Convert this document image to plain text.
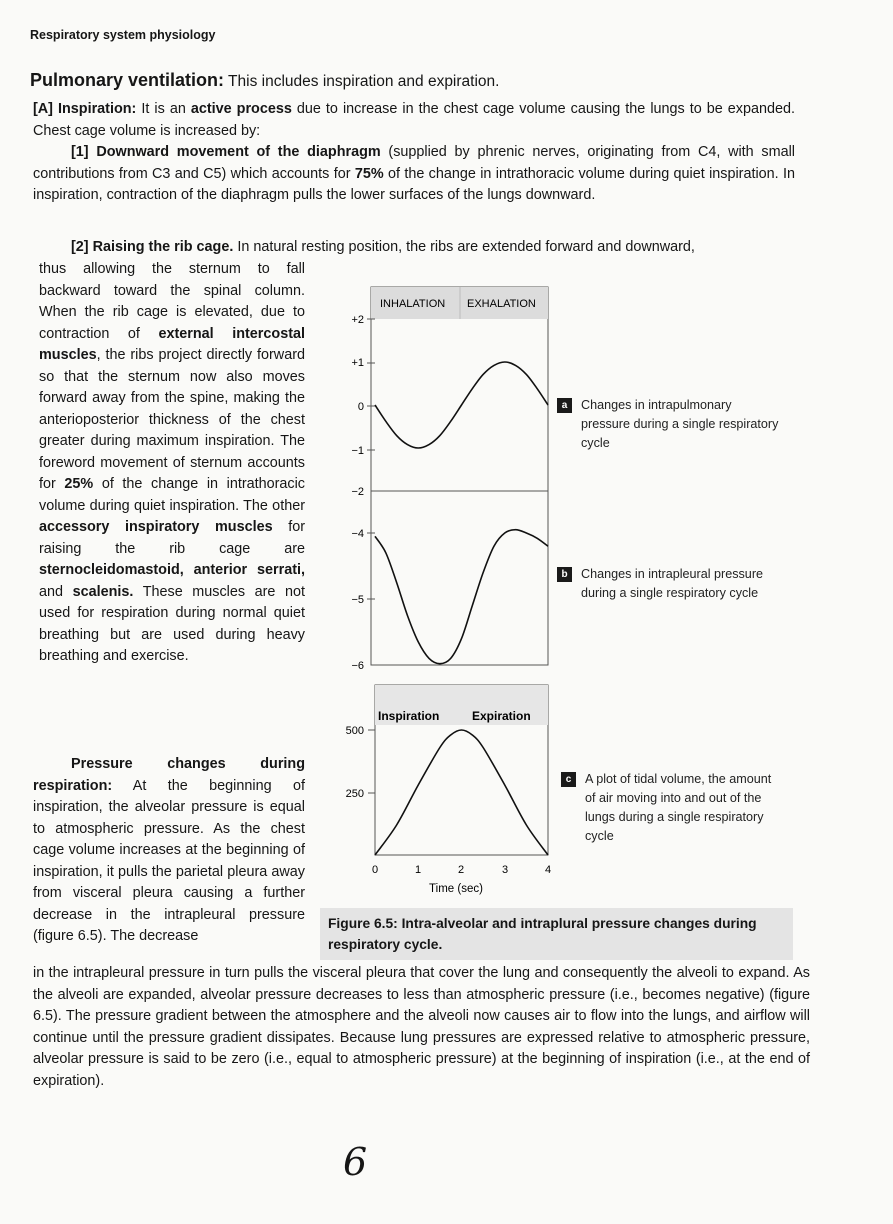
Respiratory system physiology
Pulmonary ventilation: This includes inspiration and expiration.
[A] Inspiration: It is an active process due to increase in the chest cage volume causing the lungs to be expanded. Chest cage volume is increased by:
[1] Downward movement of the diaphragm (supplied by phrenic nerves, originating from C4, with small contributions from C3 and C5) which accounts for 75% of the change in intrathoracic volume during quiet inspiration. In inspiration, contraction of the diaphragm pulls the lower surfaces of the lungs downward.
[2] Raising the rib cage. In natural resting position, the ribs are extended forward and downward,
thus allowing the sternum to fall backward toward the spinal column. When the rib cage is elevated, due to contraction of external intercostal muscles, the ribs project directly forward so that the sternum now also moves forward away from the spine, making the anterioposterior thickness of the chest greater during maximum inspiration. The foreword movement of sternum accounts for 25% of the change in intrathoracic volume during quiet inspiration. The other accessory inspiratory muscles for raising the rib cage are sternocleidomastoid, anterior serrati, and scalenis. These muscles are not used for respiration during normal quiet breathing but are used during heavy breathing and exercise.
Pressure changes during respiration: At the beginning of inspiration, the alveolar pressure is equal to atmospheric pressure. As the chest cage volume increases at the beginning of inspiration, it pulls the parietal pleura away from visceral pleura causing a further decrease in the intrapleural pressure (figure 6.5). The decrease
Figure 6.5: Intra-alveolar and intraplural pressure changes during respiratory cycle.
in the intrapleural pressure in turn pulls the visceral pleura that cover the lung and consequently the alveoli to expand. As the alveoli are expanded, alveolar pressure decreases to less than atmospheric pressure (i.e., becomes negative) (figure 6.5). The pressure gradient between the atmosphere and the alveoli now causes air to flow into the lungs, and airflow will continue until the pressure gradient dissipates. Because lung pressures are expressed relative to atmospheric pressure, alveolar pressure is said to be zero (i.e., equal to atmospheric pressure) at the beginning of inspiration (i.e., at the end of expiration).
INHALATION EXHALATION
Inspiration	Expiration
+2
+1
0
−1
−2
−4
−5
−6
500
250
0	1	2	3	4
Time (sec)
a Changes in intrapulmonary pressure during a single respiratory cycle
b Changes in intrapleural pressure during a single respiratory cycle
c A plot of tidal volume, the amount of air moving into and out of the lungs during a single respiratory cycle
6
